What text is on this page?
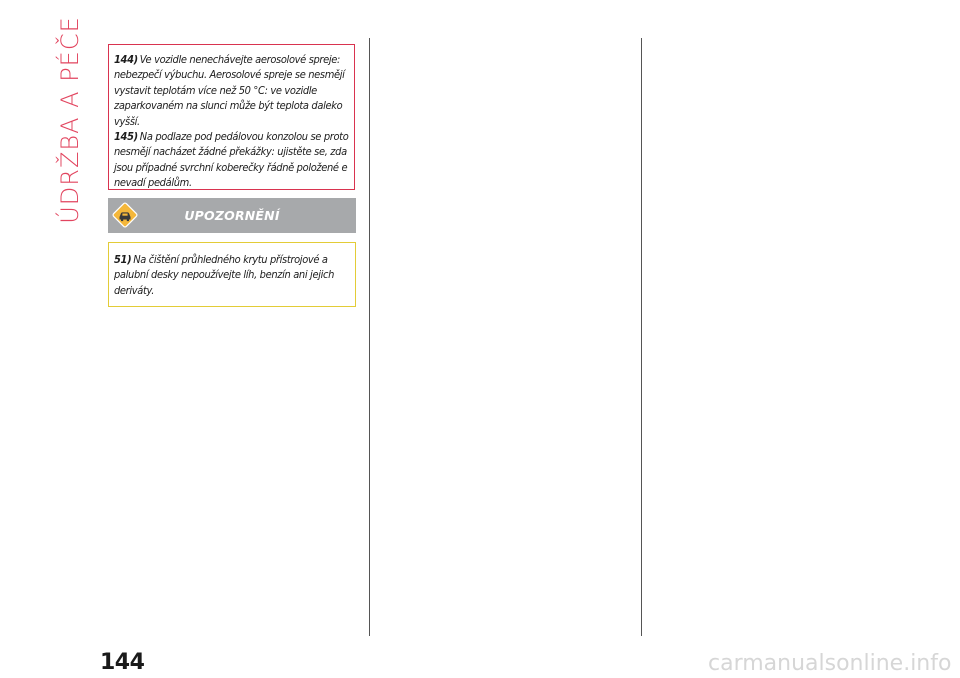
ÚDRŽBA A PÉČE	144) Ve vozidle nenechávejte aerosolové spreje: nebezpečí výbuchu. Aerosolové spreje se nesmějí vystavit teplotám více než 50 °C: ve vozidle zaparkovaném na slunci může být teplota daleko vyšší.

145) Na podlaze pod pedálovou konzolou se proto nesmějí nacházet žádné překážky: ujistěte se, zda jsou případné svrchní koberečky řádně položené e nevadí pedálům.

UPOZORNĚNÍ

51) Na čištění průhledného krytu přístrojové a palubní desky nepoužívejte líh, benzín ani jejich deriváty.

144	carmanualsonline.info
